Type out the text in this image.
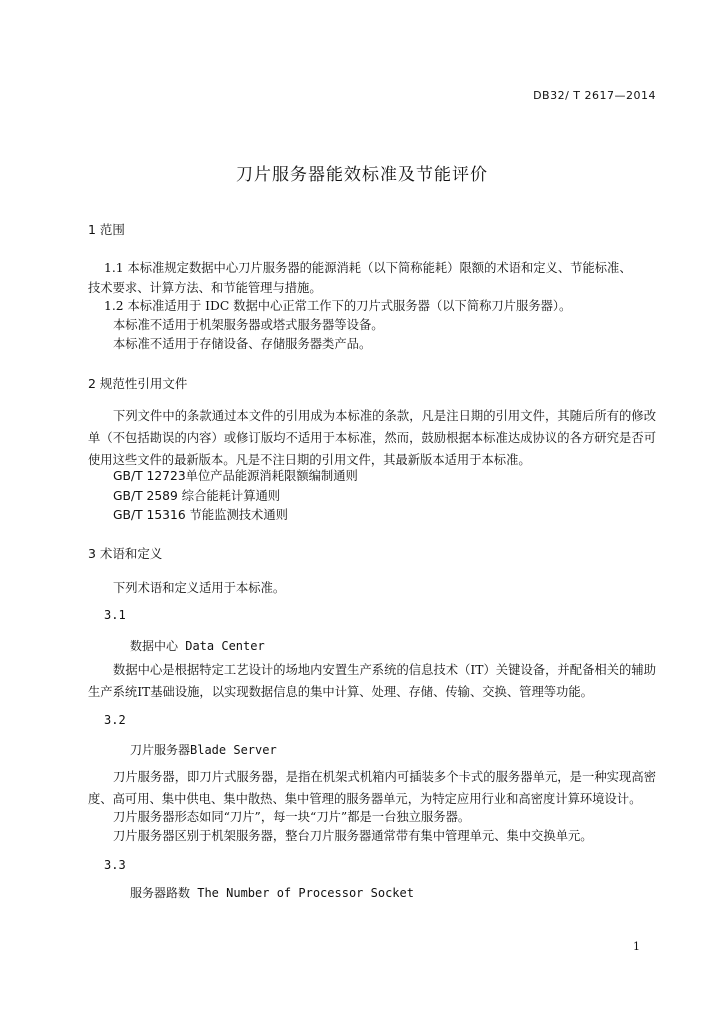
DB32/ T 2617—2014
刀片服务器能效标准及节能评价
1 范围
1.1 本标准规定数据中心刀片服务器的能源消耗（以下简称能耗）限额的术语和定义、节能标准、
技术要求、计算方法、和节能管理与措施。
1.2 本标准适用于 IDC 数据中心正常工作下的刀片式服务器（以下简称刀片服务器）。
本标准不适用于机架服务器或塔式服务器等设备。
本标准不适用于存储设备、存储服务器类产品。
2 规范性引用文件
下列文件中的条款通过本文件的引用成为本标准的条款，凡是注日期的引用文件，其随后所有的修改单（不包括勘误的内容）或修订版均不适用于本标准，然而，鼓励根据本标准达成协议的各方研究是否可使用这些文件的最新版本。凡是不注日期的引用文件，其最新版本适用于本标准。
GB/T 12723单位产品能源消耗限额编制通则
GB/T 2589 综合能耗计算通则
GB/T 15316 节能监测技术通则
3 术语和定义
下列术语和定义适用于本标准。
3.1
数据中心 Data Center
数据中心是根据特定工艺设计的场地内安置生产系统的信息技术（IT）关键设备，并配备相关的辅助生产系统IT基础设施，以实现数据信息的集中计算、处理、存储、传输、交换、管理等功能。
3.2
刀片服务器Blade Server
刀片服务器，即刀片式服务器，是指在机架式机箱内可插装多个卡式的服务器单元，是一种实现高密度、高可用、集中供电、集中散热、集中管理的服务器单元，为特定应用行业和高密度计算环境设计。
刀片服务器形态如同“刀片”，每一块“刀片”都是一台独立服务器。
刀片服务器区别于机架服务器，整台刀片服务器通常带有集中管理单元、集中交换单元。
3.3
服务器路数 The Number of Processor Socket
1
